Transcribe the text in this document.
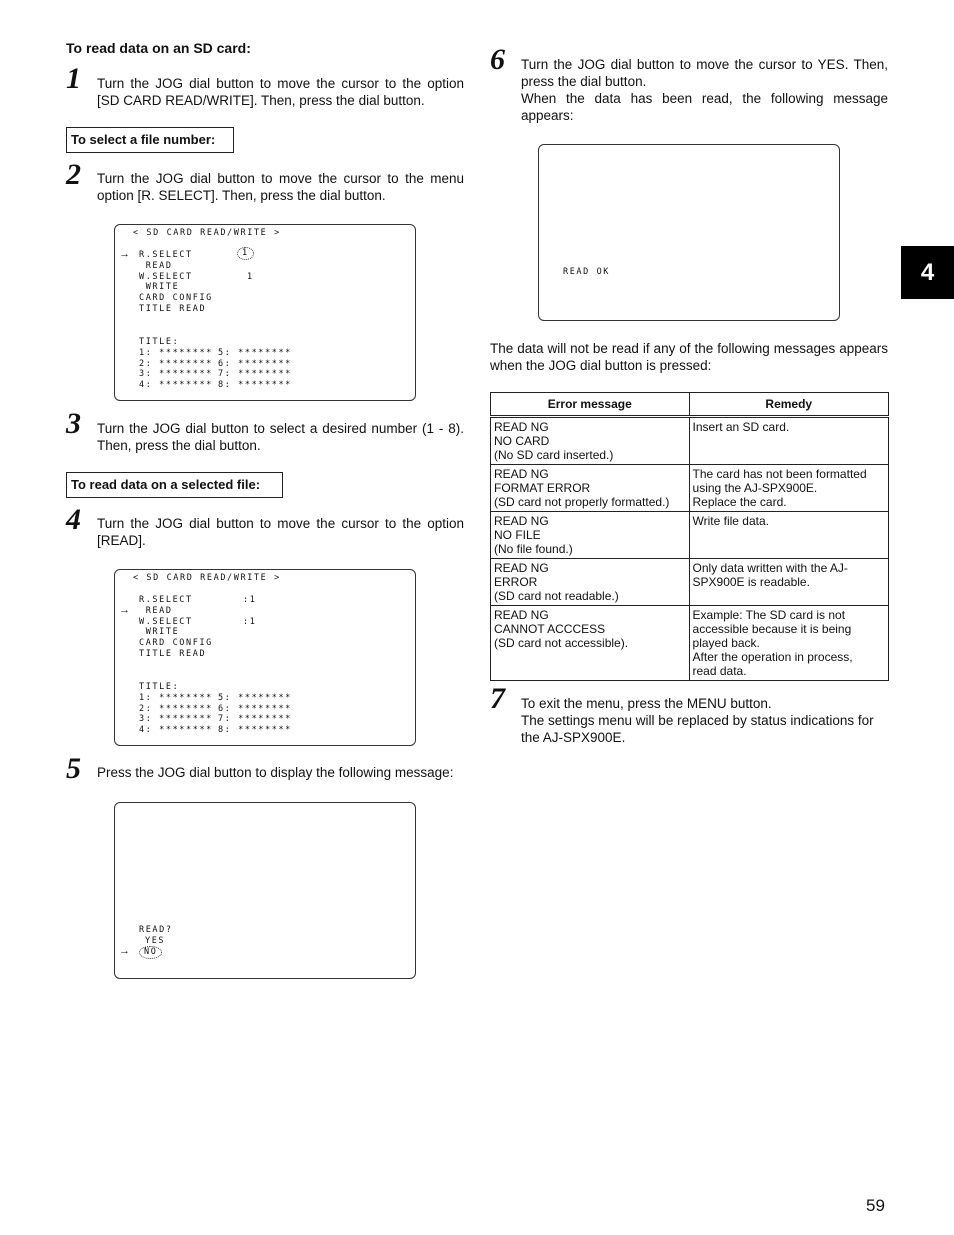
To read data on an SD card:
1 Turn the JOG dial button to move the cursor to the option [SD CARD READ/WRITE]. Then, press the dial button.
To select a file number:
2 Turn the JOG dial button to move the cursor to the menu option [R. SELECT]. Then, press the dial button.
< SD CARD READ/WRITE >
→ R.SELECT	1
READ
W.SELECT	1
WRITE
CARD CONFIG
TITLE READ
TITLE:
1: ********
2: ********
3: ********
4: ********
5: ********
6: ********
7: ********
8: ********
3 Turn the JOG dial button to select a desired number (1 - 8). Then, press the dial button.
To read data on a selected file:
4 Turn the JOG dial button to move the cursor to the option [READ].
< SD CARD READ/WRITE >
R.SELECT	:1
→ READ
W.SELECT	:1
WRITE
CARD CONFIG
TITLE READ
TITLE:
1: ********
2: ********
3: ********
4: ********
5: ********
6: ********
7: ********
8: ********
5 Press the JOG dial button to display the following message:
READ?
YES
→	NO
6 Turn the JOG dial button to move the cursor to YES. Then, press the dial button.
When the data has been read, the following message appears:
READ OK
The data will not be read if any of the following messages appears when the JOG dial button is pressed:
Error message	Remedy

READ NG
NO CARD
(No SD card inserted.)	Insert an SD card.

READ NG
FORMAT ERROR
(SD card not properly formatted.)	The card has not been formatted
using the AJ-SPX900E.
Replace the card.

READ NG
NO FILE
(No file found.)	Write file data.

READ NG
ERROR
(SD card not readable.)	Only data written with the AJ-
SPX900E is readable.

READ NG
CANNOT ACCCESS
(SD card not accessible).	Example: The SD card is not
accessible because it is being
played back.
After the operation in process,
read data.
7 To exit the menu, press the MENU button.
The settings menu will be replaced by status indications for the AJ-SPX900E.
4
59
